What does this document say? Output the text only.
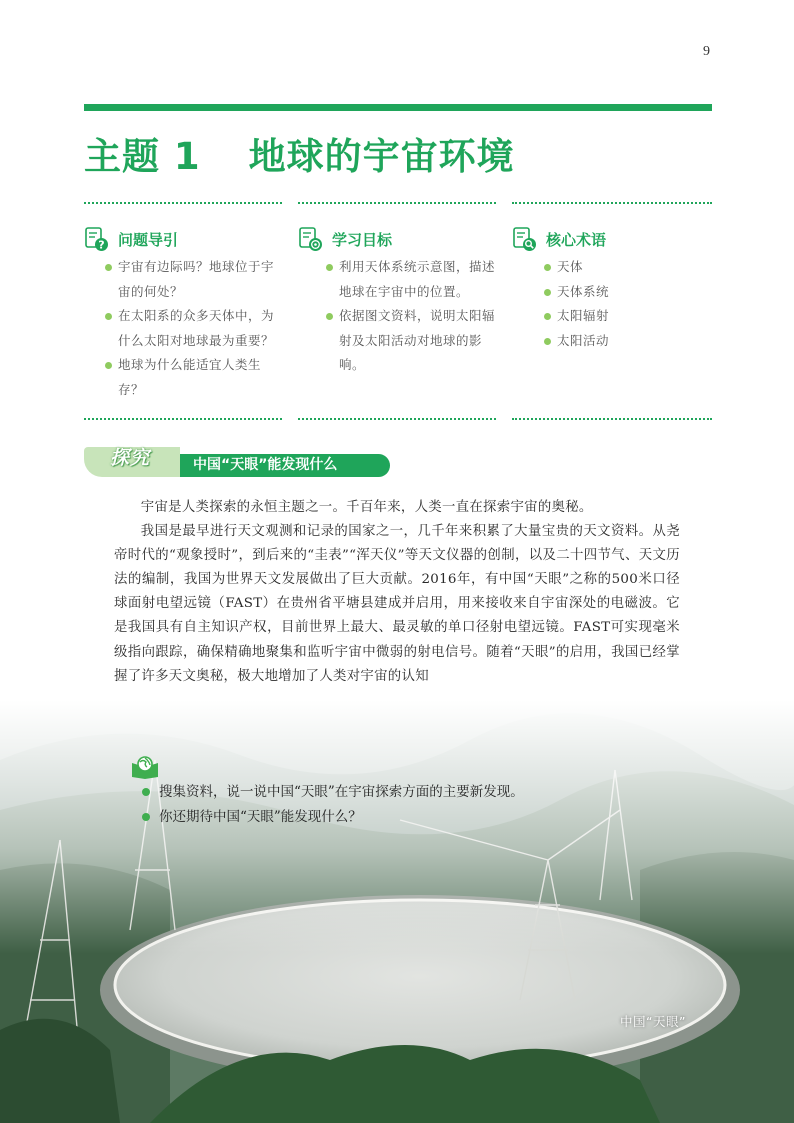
9
主题 1 地球的宇宙环境
? 问题导引
宇宙有边际吗？地球位于宇宙的何处？
在太阳系的众多天体中，为什么太阳对地球最为重要？
地球为什么能适宜人类生存？
学习目标
利用天体系统示意图，描述地球在宇宙中的位置。
依据图文资料，说明太阳辐射及太阳活动对地球的影响。
核心术语
天体
天体系统
太阳辐射
太阳活动
探究	中国“天眼”能发现什么

宇宙是人类探索的永恒主题之一。千百年来，人类一直在探索宇宙的奥秘。

我国是最早进行天文观测和记录的国家之一，几千年来积累了大量宝贵的天文资料。从尧帝时代的“观象授时”，到后来的“圭表”“浑天仪”等天文仪器的创制，以及二十四节气、天文历法的编制，我国为世界天文发展做出了巨大贡献。2016年，有中国“天眼”之称的500米口径球面射电望远镜（FAST）在贵州省平塘县建成并启用，用来接收来自宇宙深处的电磁波。它是我国具有自主知识产权，目前世界上最大、最灵敏的单口径射电望远镜。FAST可实现毫米级指向跟踪，确保精确地聚集和监听宇宙中微弱的射电信号。随着“天眼”的启用，我国已经掌握了许多天文奥秘，极大地增加了人类对宇宙的认知

搜集资料，说一说中国“天眼”在宇宙探索方面的主要新发现。
你还期待中国“天眼”能发现什么？
中国“天眼”
